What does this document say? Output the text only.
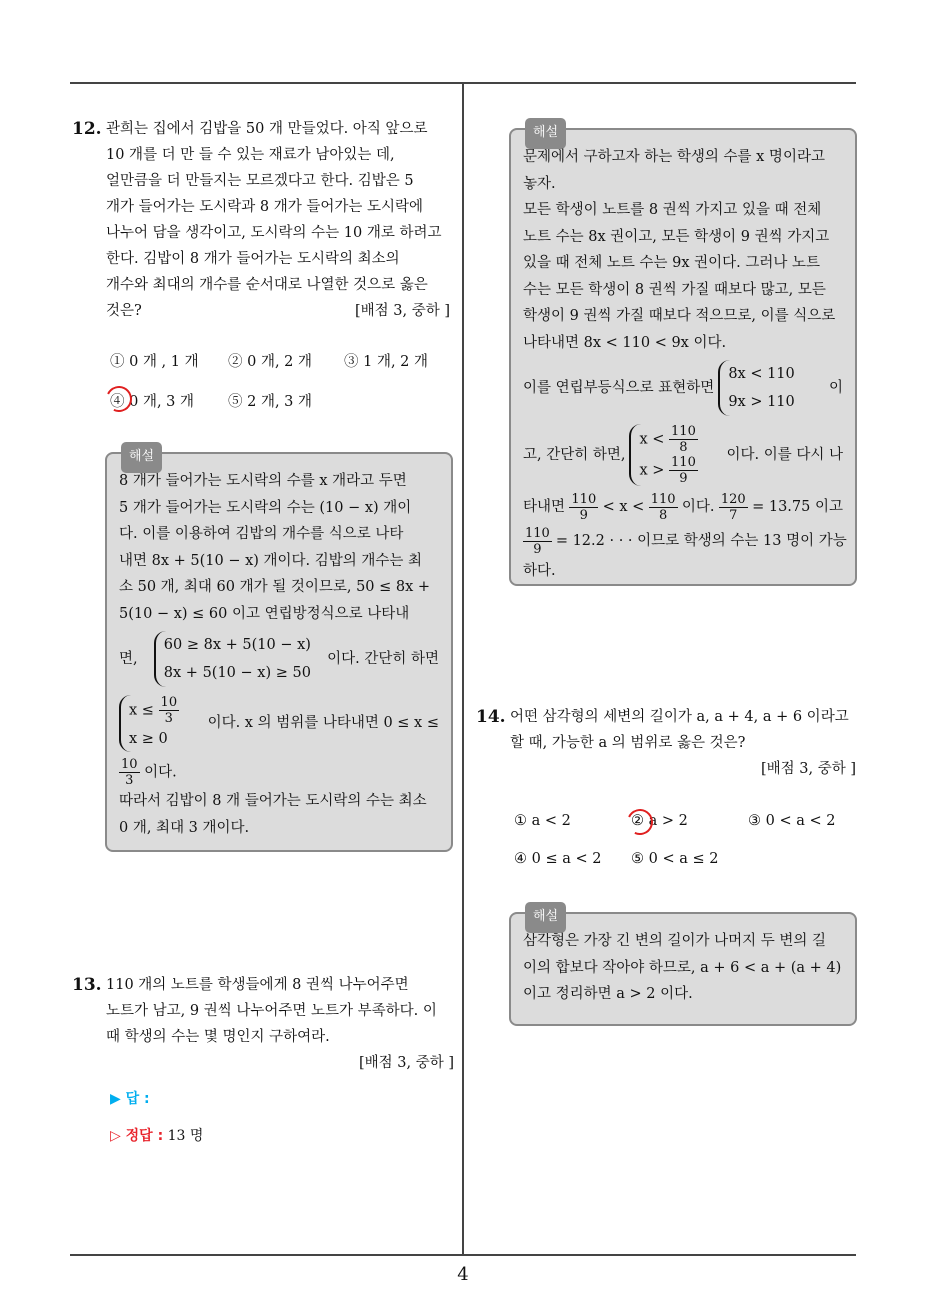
4
12. 관희는 집에서 김밥을 50 개 만들었다. 아직 앞으로
10 개를 더 만 들 수 있는 재료가 남아있는 데,
얼만큼을 더 만들지는 모르겠다고 한다. 김밥은 5
개가 들어가는 도시락과 8 개가 들어가는 도시락에
나누어 담을 생각이고, 도시락의 수는 10 개로 하려고
한다. 김밥이 8 개가 들어가는 도시락의 최소의
개수와 최대의 개수를 순서대로 나열한 것으로 옳은
것은?	[배점 3, 중하 ]
① 0 개 , 1 개 ② 0 개, 2 개 ③ 1 개, 2 개
④ 0 개, 3 개 ⑤ 2 개, 3 개
해설
8 개가 들어가는 도시락의 수를 x 개라고 두면
5 개가 들어가는 도시락의 수는 (10 − x) 개이
다. 이를 이용하여 김밥의 개수를 식으로 나타
내면 8x + 5(10 − x) 개이다. 김밥의 개수는 최
소 50 개, 최대 60 개가 될 것이므로, 50 ≤ 8x +
5(10 − x) ≤ 60 이고 연립방정식으로 나타내
면,
60 ≥ 8x + 5(10 − x)
8x + 5(10 − x) ≥ 50
이다. 간단히 하면
$x \le \frac{10}{3}$
x ≥ 0
이다. x 의 범위를 나타내면 0 ≤ x ≤
$\frac{10}{3}$ 이다.
따라서 김밥이 8 개 들어가는 도시락의 수는 최소
0 개, 최대 3 개이다.
13. 110 개의 노트를 학생들에게 8 권씩 나누어주면
노트가 남고, 9 권씩 나누어주면 노트가 부족하다. 이
때 학생의 수는 몇 명인지 구하여라.
[배점 3, 중하 ]
▶ 답 :
▷ 정답 : 13 명
해설
문제에서 구하고자 하는 학생의 수를 x 명이라고
놓자.
모든 학생이 노트를 8 권씩 가지고 있을 때 전체
노트 수는 8x 권이고, 모든 학생이 9 권씩 가지고
있을 때 전체 노트 수는 9x 권이다. 그러나 노트
수는 모든 학생이 8 권씩 가질 때보다 많고, 모든
학생이 9 권씩 가질 때보다 적으므로, 이를 식으로
나타내면 8x < 110 < 9x 이다.
이를 연립부등식으로 표현하면
8x < 110
9x > 110
이
고, 간단히 하면,
$x < \frac{110}{8}$
$x > \frac{110}{9}$
이다. 이를 다시 나
타내면 $\frac{110}{9} < x < \frac{110}{8}$ 이다. $\frac{120}{7} = 13.75$ 이고
$\frac{110}{9} = 12.2$ · · · 이므로 학생의 수는 13 명이 가능
하다.
14. 어떤 삼각형의 세변의 길이가 a, a + 4, a + 6 이라고
할 때, 가능한 a 의 범위로 옳은 것은?
[배점 3, 중하 ]
① a < 2	② a > 2	③ 0 < a < 2
④ 0 ≤ a < 2 ⑤ 0 < a ≤ 2
해설
삼각형은 가장 긴 변의 길이가 나머지 두 변의 길
이의 합보다 작아야 하므로, a + 6 < a + (a + 4)
이고 정리하면 a > 2 이다.
